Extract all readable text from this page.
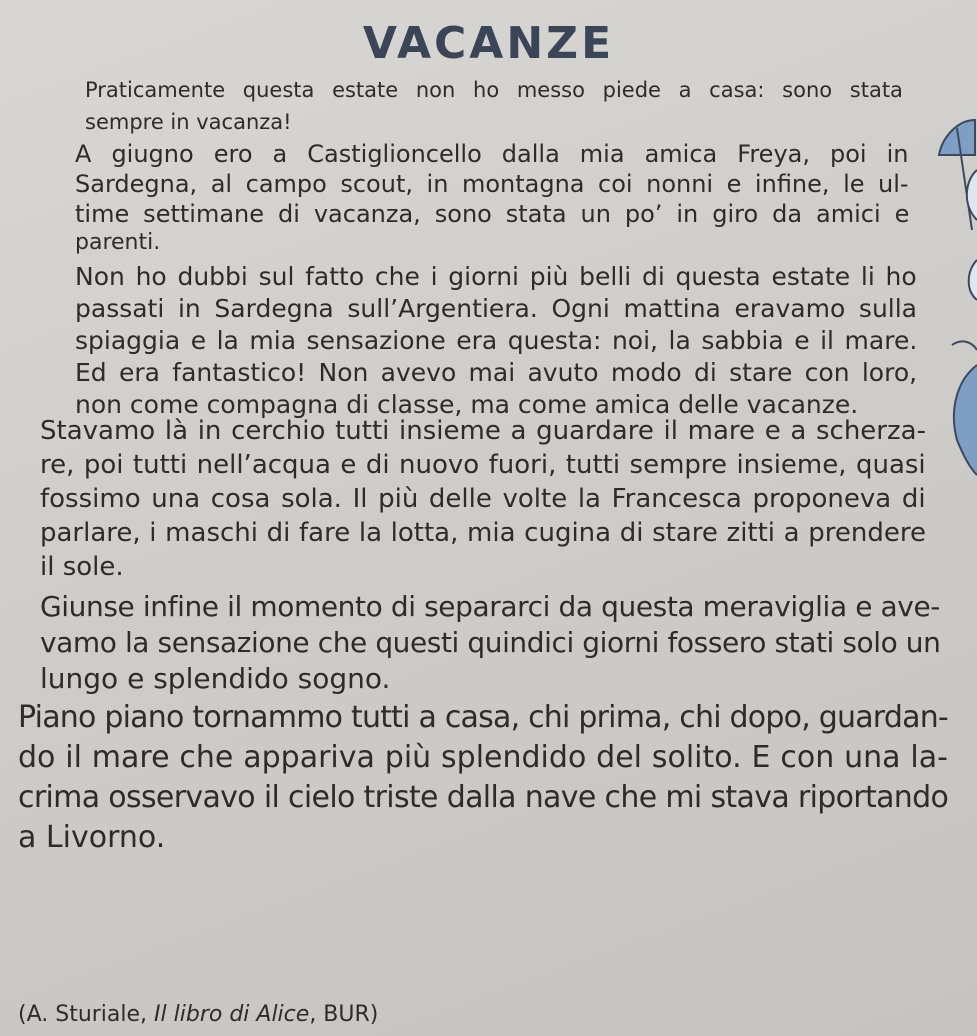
VACANZE
Praticamente questa estate non ho messo piede a casa: sono stata
sempre in vacanza!
A giugno ero a Castiglioncello dalla mia amica Freya, poi in
Sardegna, al campo scout, in montagna coi nonni e infine, le ul-
time settimane di vacanza, sono stata un po’ in giro da amici e
parenti.
Non ho dubbi sul fatto che i giorni più belli di questa estate li ho
passati in Sardegna sull’Argentiera. Ogni mattina eravamo sulla
spiaggia e la mia sensazione era questa: noi, la sabbia e il mare.
Ed era fantastico! Non avevo mai avuto modo di stare con loro,
non come compagna di classe, ma come amica delle vacanze.
Stavamo là in cerchio tutti insieme a guardare il mare e a scherza-
re, poi tutti nell’acqua e di nuovo fuori, tutti sempre insieme, quasi
fossimo una cosa sola. Il più delle volte la Francesca proponeva di
parlare, i maschi di fare la lotta, mia cugina di stare zitti a prendere
il sole.
Giunse infine il momento di separarci da questa meraviglia e ave-
vamo la sensazione che questi quindici giorni fossero stati solo un
lungo e splendido sogno.
Piano piano tornammo tutti a casa, chi prima, chi dopo, guardan-
do il mare che appariva più splendido del solito. E con una la-
crima osservavo il cielo triste dalla nave che mi stava riportando
a Livorno.
(A. Sturiale, Il libro di Alice, BUR)
